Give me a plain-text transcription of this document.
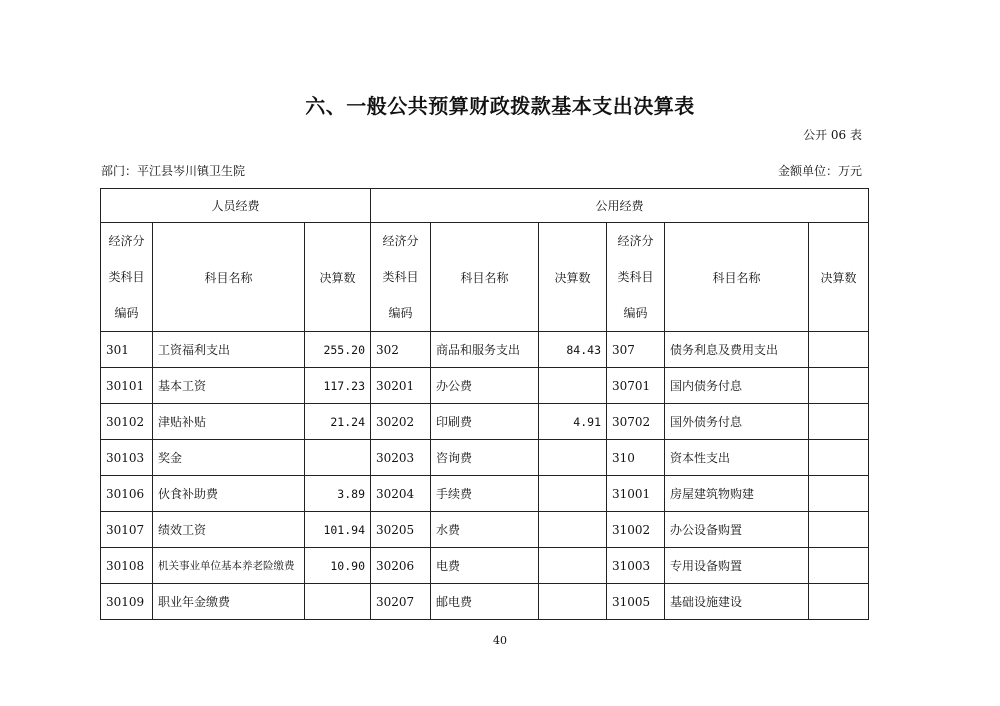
六、一般公共预算财政拨款基本支出决算表
公开 06 表
部门：平江县岑川镇卫生院	金额单位：万元
人员经费			公用经费					

经济分
类科目
编码	科目名称	决算数	经济分
类科目
编码	科目名称	决算数	经济分
类科目
编码	科目名称	决算数
301	工资福利支出	255.20	302	商品和服务支出	84.43	307	债务利息及费用支出	
30101	基本工资	117.23	30201	办公费		30701	国内债务付息	
30102	津贴补贴	21.24	30202	印刷费	4.91	30702	国外债务付息	
30103	奖金		30203	咨询费		310	资本性支出	
30106	伙食补助费	3.89	30204	手续费		31001	房屋建筑物购建	
30107	绩效工资	101.94	30205	水费		31002	办公设备购置	
30108	机关事业单位基本养老险缴费	10.90	30206	电费		31003	专用设备购置	
30109	职业年金缴费		30207	邮电费		31005	基础设施建设	
40
